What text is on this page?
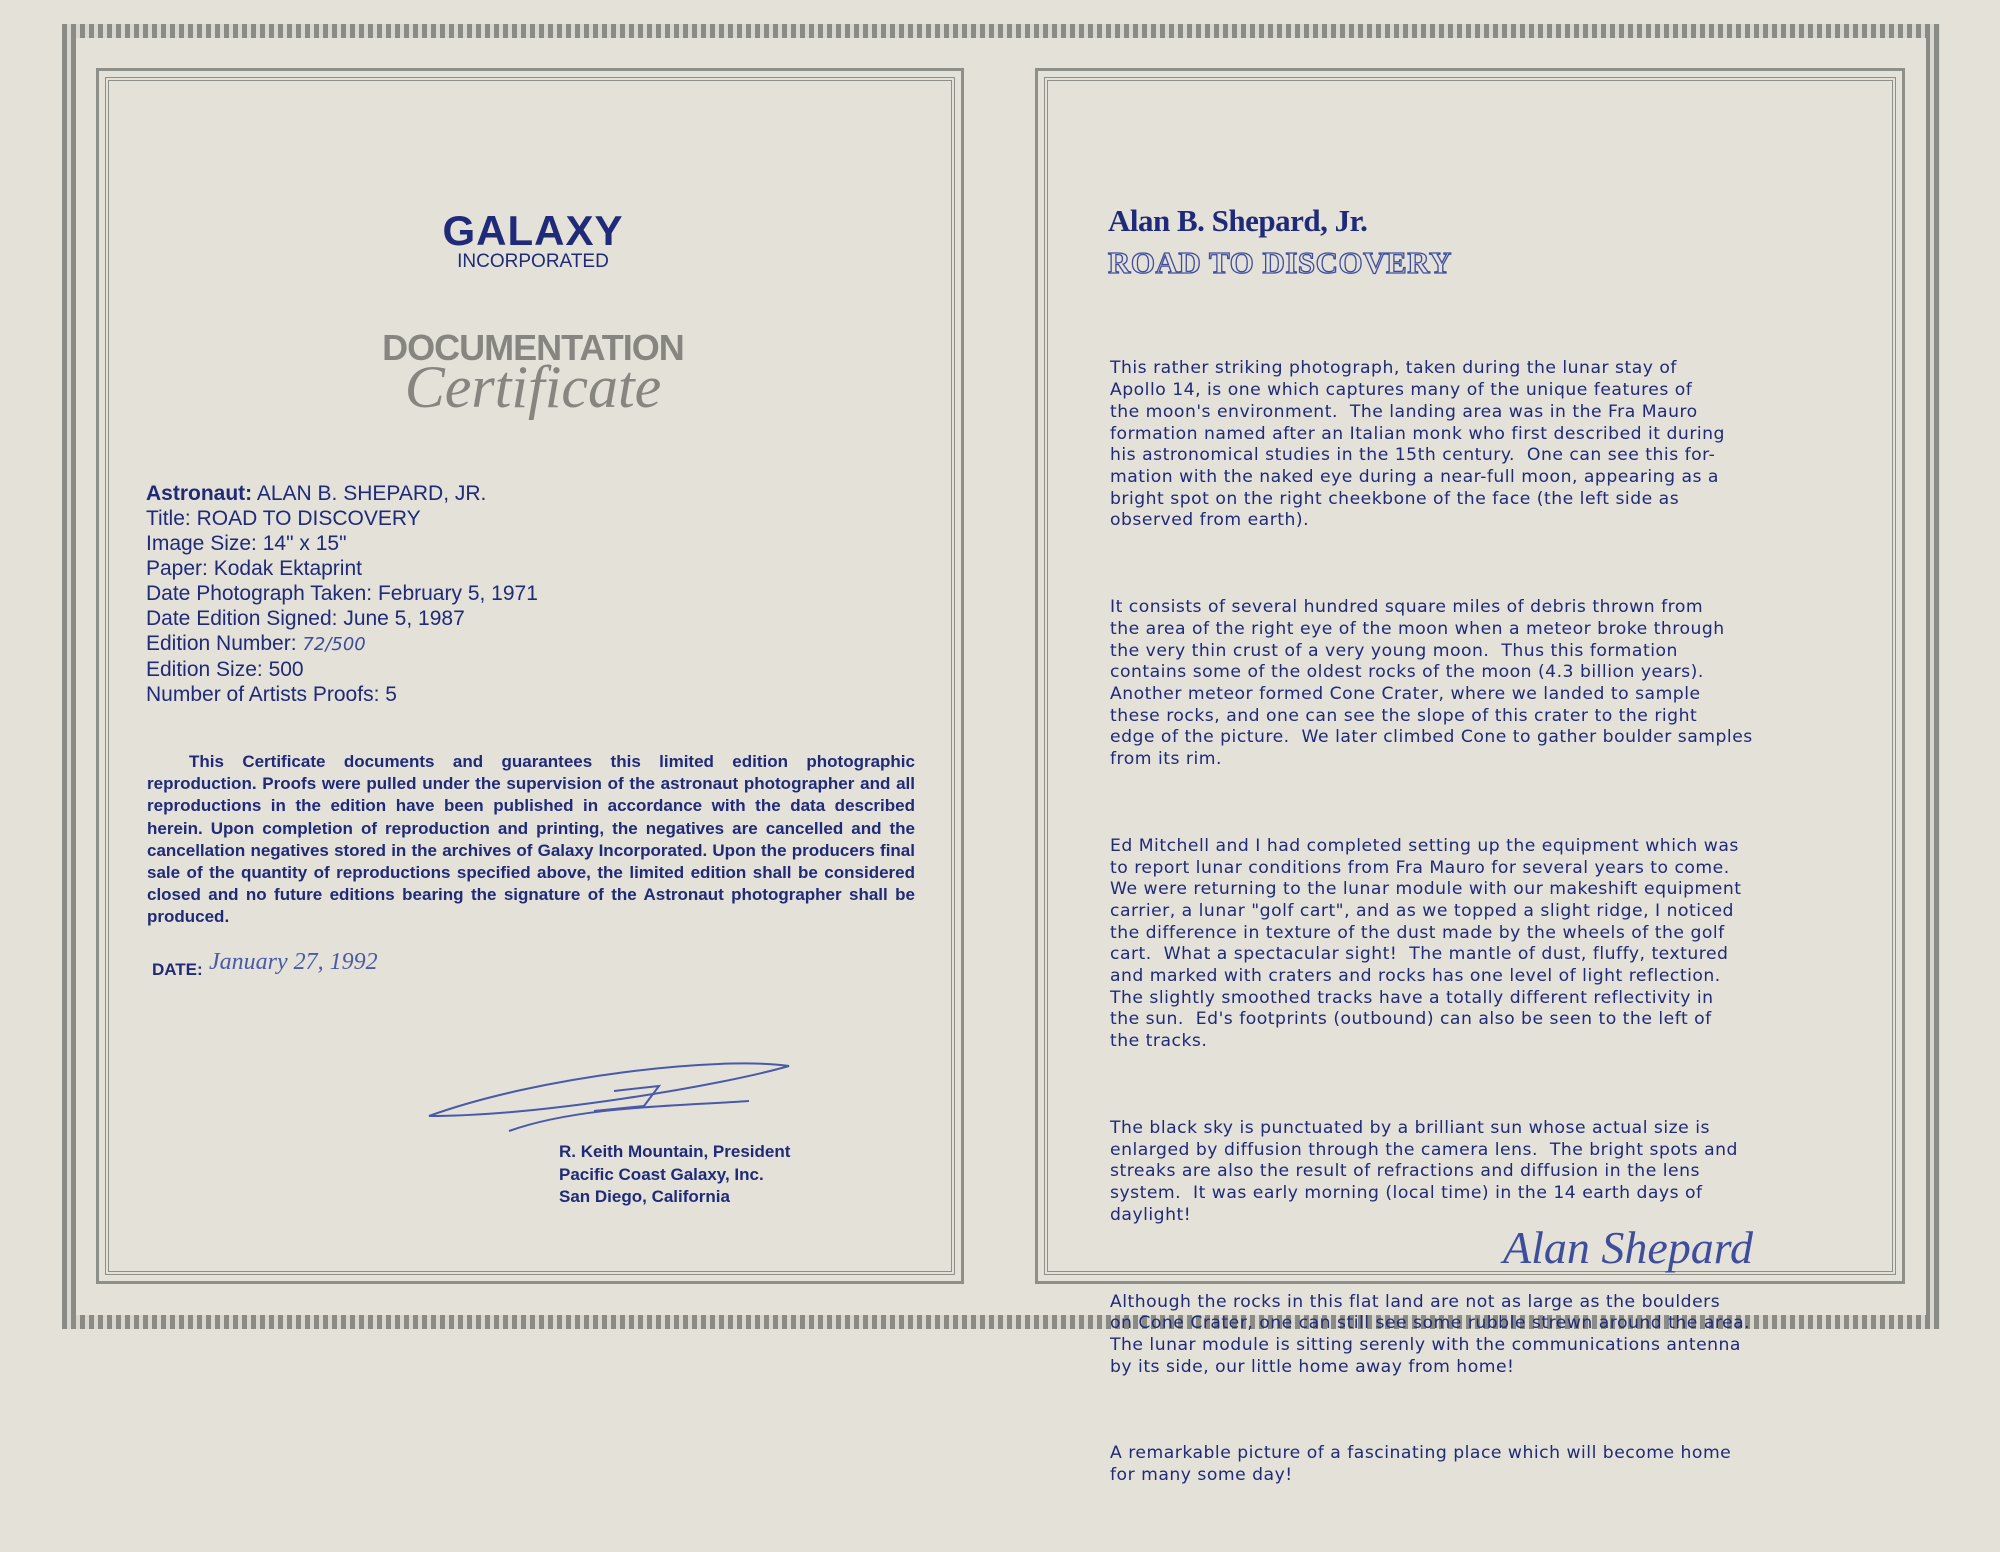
GALAXY
INCORPORATED
DOCUMENTATION
Certificate
Astronaut: ALAN B. SHEPARD, JR.
Title: ROAD TO DISCOVERY
Image Size: 14" x 15"
Paper: Kodak Ektaprint
Date Photograph Taken: February 5, 1971
Date Edition Signed: June 5, 1987
Edition Number: 72/500
Edition Size: 500
Number of Artists Proofs: 5
This Certificate documents and guarantees this limited edition photographic reproduction. Proofs were pulled under the supervision of the astronaut photographer and all reproductions in the edition have been published in accordance with the data described herein. Upon completion of reproduction and printing, the negatives are cancelled and the cancellation negatives stored in the archives of Galaxy Incorporated. Upon the producers final sale of the quantity of reproductions specified above, the limited edition shall be considered closed and no future editions bearing the signature of the Astronaut photographer shall be produced.
DATE: January 27, 1992
R. Keith Mountain, President
Pacific Coast Galaxy, Inc.
San Diego, California
Alan B. Shepard, Jr.
ROAD TO DISCOVERY

This rather striking photograph, taken during the lunar stay of
Apollo 14, is one which captures many of the unique features of
the moon's environment.  The landing area was in the Fra Mauro
formation named after an Italian monk who first described it during
his astronomical studies in the 15th century.  One can see this for-
mation with the naked eye during a near-full moon, appearing as a
bright spot on the right cheekbone of the face (the left side as
observed from earth).

It consists of several hundred square miles of debris thrown from
the area of the right eye of the moon when a meteor broke through
the very thin crust of a very young moon.  Thus this formation
contains some of the oldest rocks of the moon (4.3 billion years).
Another meteor formed Cone Crater, where we landed to sample
these rocks, and one can see the slope of this crater to the right
edge of the picture.  We later climbed Cone to gather boulder samples
from its rim.

Ed Mitchell and I had completed setting up the equipment which was
to report lunar conditions from Fra Mauro for several years to come.
We were returning to the lunar module with our makeshift equipment
carrier, a lunar "golf cart", and as we topped a slight ridge, I noticed
the difference in texture of the dust made by the wheels of the golf
cart.  What a spectacular sight!  The mantle of dust, fluffy, textured
and marked with craters and rocks has one level of light reflection.
The slightly smoothed tracks have a totally different reflectivity in
the sun.  Ed's footprints (outbound) can also be seen to the left of
the tracks.

The black sky is punctuated by a brilliant sun whose actual size is
enlarged by diffusion through the camera lens.  The bright spots and
streaks are also the result of refractions and diffusion in the lens
system.  It was early morning (local time) in the 14 earth days of
daylight!

Although the rocks in this flat land are not as large as the boulders
on Cone Crater, one can still see some rubble strewn around the area.
The lunar module is sitting serenly with the communications antenna
by its side, our little home away from home!

A remarkable picture of a fascinating place which will become home
for many some day!

Alan Shepard
